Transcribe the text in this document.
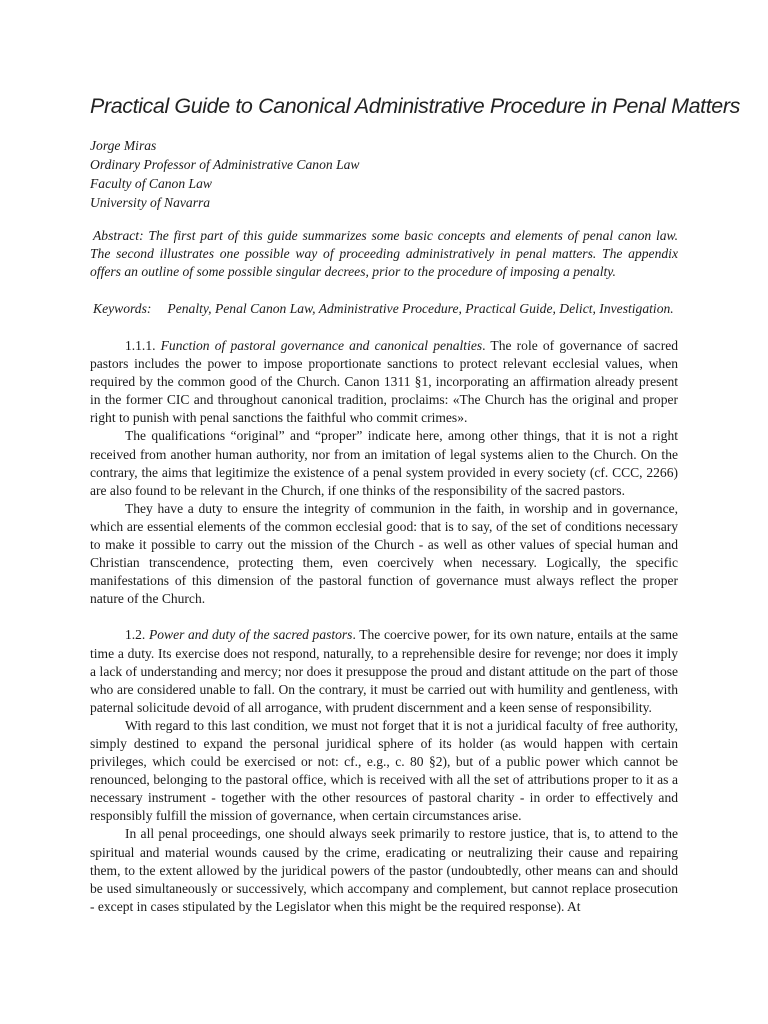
Practical Guide to Canonical Administrative Procedure in Penal Matters
Jorge Miras
Ordinary Professor of Administrative Canon Law
Faculty of Canon Law
University of Navarra

Abstract: The first part of this guide summarizes some basic concepts and elements of penal canon law. The second illustrates one possible way of proceeding administratively in penal matters. The appendix offers an outline of some possible singular decrees, prior to the procedure of imposing a penalty.

Keywords: Penalty, Penal Canon Law, Administrative Procedure, Practical Guide, Delict, Investigation.

1.1.1. Function of pastoral governance and canonical penalties. The role of governance of sacred pastors includes the power to impose proportionate sanctions to protect relevant ecclesial values, when required by the common good of the Church. Canon 1311 §1, incorporating an affirmation already present in the former CIC and throughout canonical tradition, proclaims: «The Church has the original and proper right to punish with penal sanctions the faithful who commit crimes».

The qualifications “original” and “proper” indicate here, among other things, that it is not a right received from another human authority, nor from an imitation of legal systems alien to the Church. On the contrary, the aims that legitimize the existence of a penal system provided in every society (cf. CCC, 2266) are also found to be relevant in the Church, if one thinks of the responsibility of the sacred pastors.

They have a duty to ensure the integrity of communion in the faith, in worship and in governance, which are essential elements of the common ecclesial good: that is to say, of the set of conditions necessary to make it possible to carry out the mission of the Church - as well as other values of special human and Christian transcendence, protecting them, even coercively when necessary. Logically, the specific manifestations of this dimension of the pastoral function of governance must always reflect the proper nature of the Church.

1.2. Power and duty of the sacred pastors. The coercive power, for its own nature, entails at the same time a duty. Its exercise does not respond, naturally, to a reprehensible desire for revenge; nor does it imply a lack of understanding and mercy; nor does it presuppose the proud and distant attitude on the part of those who are considered unable to fall. On the contrary, it must be carried out with humility and gentleness, with paternal solicitude devoid of all arrogance, with prudent discernment and a keen sense of responsibility.

With regard to this last condition, we must not forget that it is not a juridical faculty of free authority, simply destined to expand the personal juridical sphere of its holder (as would happen with certain privileges, which could be exercised or not: cf., e.g., c. 80 §2), but of a public power which cannot be renounced, belonging to the pastoral office, which is received with all the set of attributions proper to it as a necessary instrument - together with the other resources of pastoral charity - in order to effectively and responsibly fulfill the mission of governance, when certain circumstances arise.

In all penal proceedings, one should always seek primarily to restore justice, that is, to attend to the spiritual and material wounds caused by the crime, eradicating or neutralizing their cause and repairing them, to the extent allowed by the juridical powers of the pastor (undoubtedly, other means can and should be used simultaneously or successively, which accompany and complement, but cannot replace prosecution - except in cases stipulated by the Legislator when this might be the required response). At
